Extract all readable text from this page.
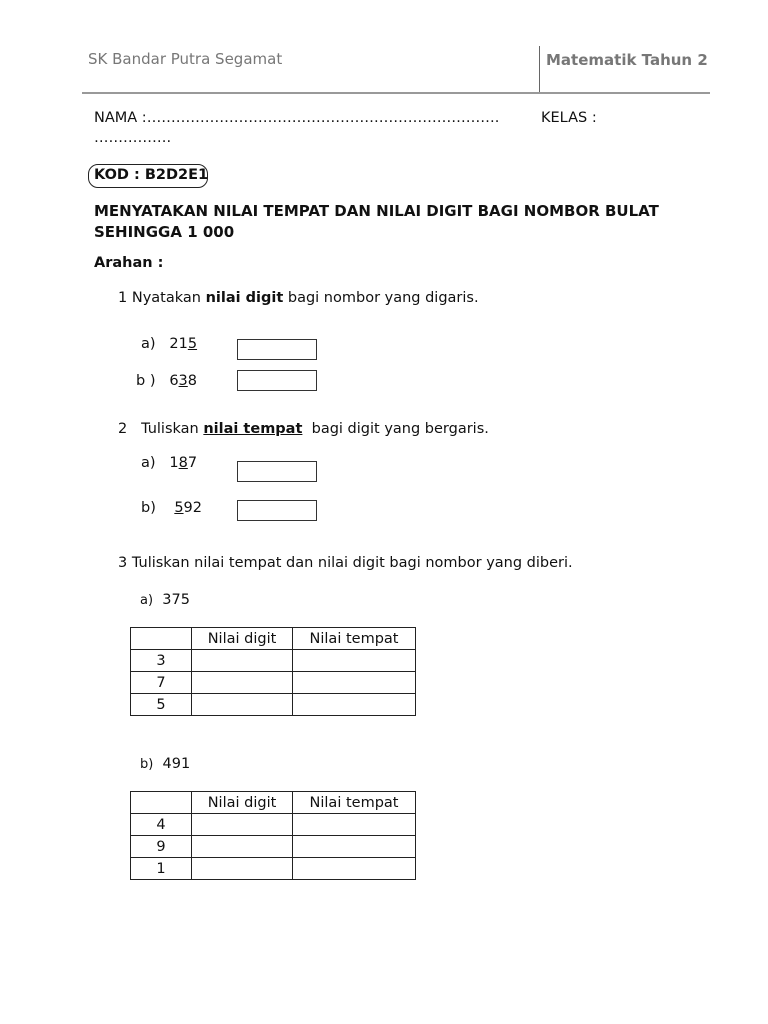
SK Bandar Putra Segamat	Matematik Tahun 2
NAMA :……………………………………………………………….	KELAS :
…………….
KOD : B2D2E1
MENYATAKAN NILAI TEMPAT DAN NILAI DIGIT BAGI NOMBOR BULAT SEHINGGA 1 000
Arahan :
1 Nyatakan nilai digit bagi nombor yang digaris.
a) 215
b ) 638
2 Tuliskan nilai tempat bagi digit yang bergaris.
a) 187
b) 592
3 Tuliskan nilai tempat dan nilai digit bagi nombor yang diberi.
a) 375
	Nilai digit	Nilai tempat
3		
7		
5		
b) 491
	Nilai digit	Nilai tempat
4		
9		
1		
